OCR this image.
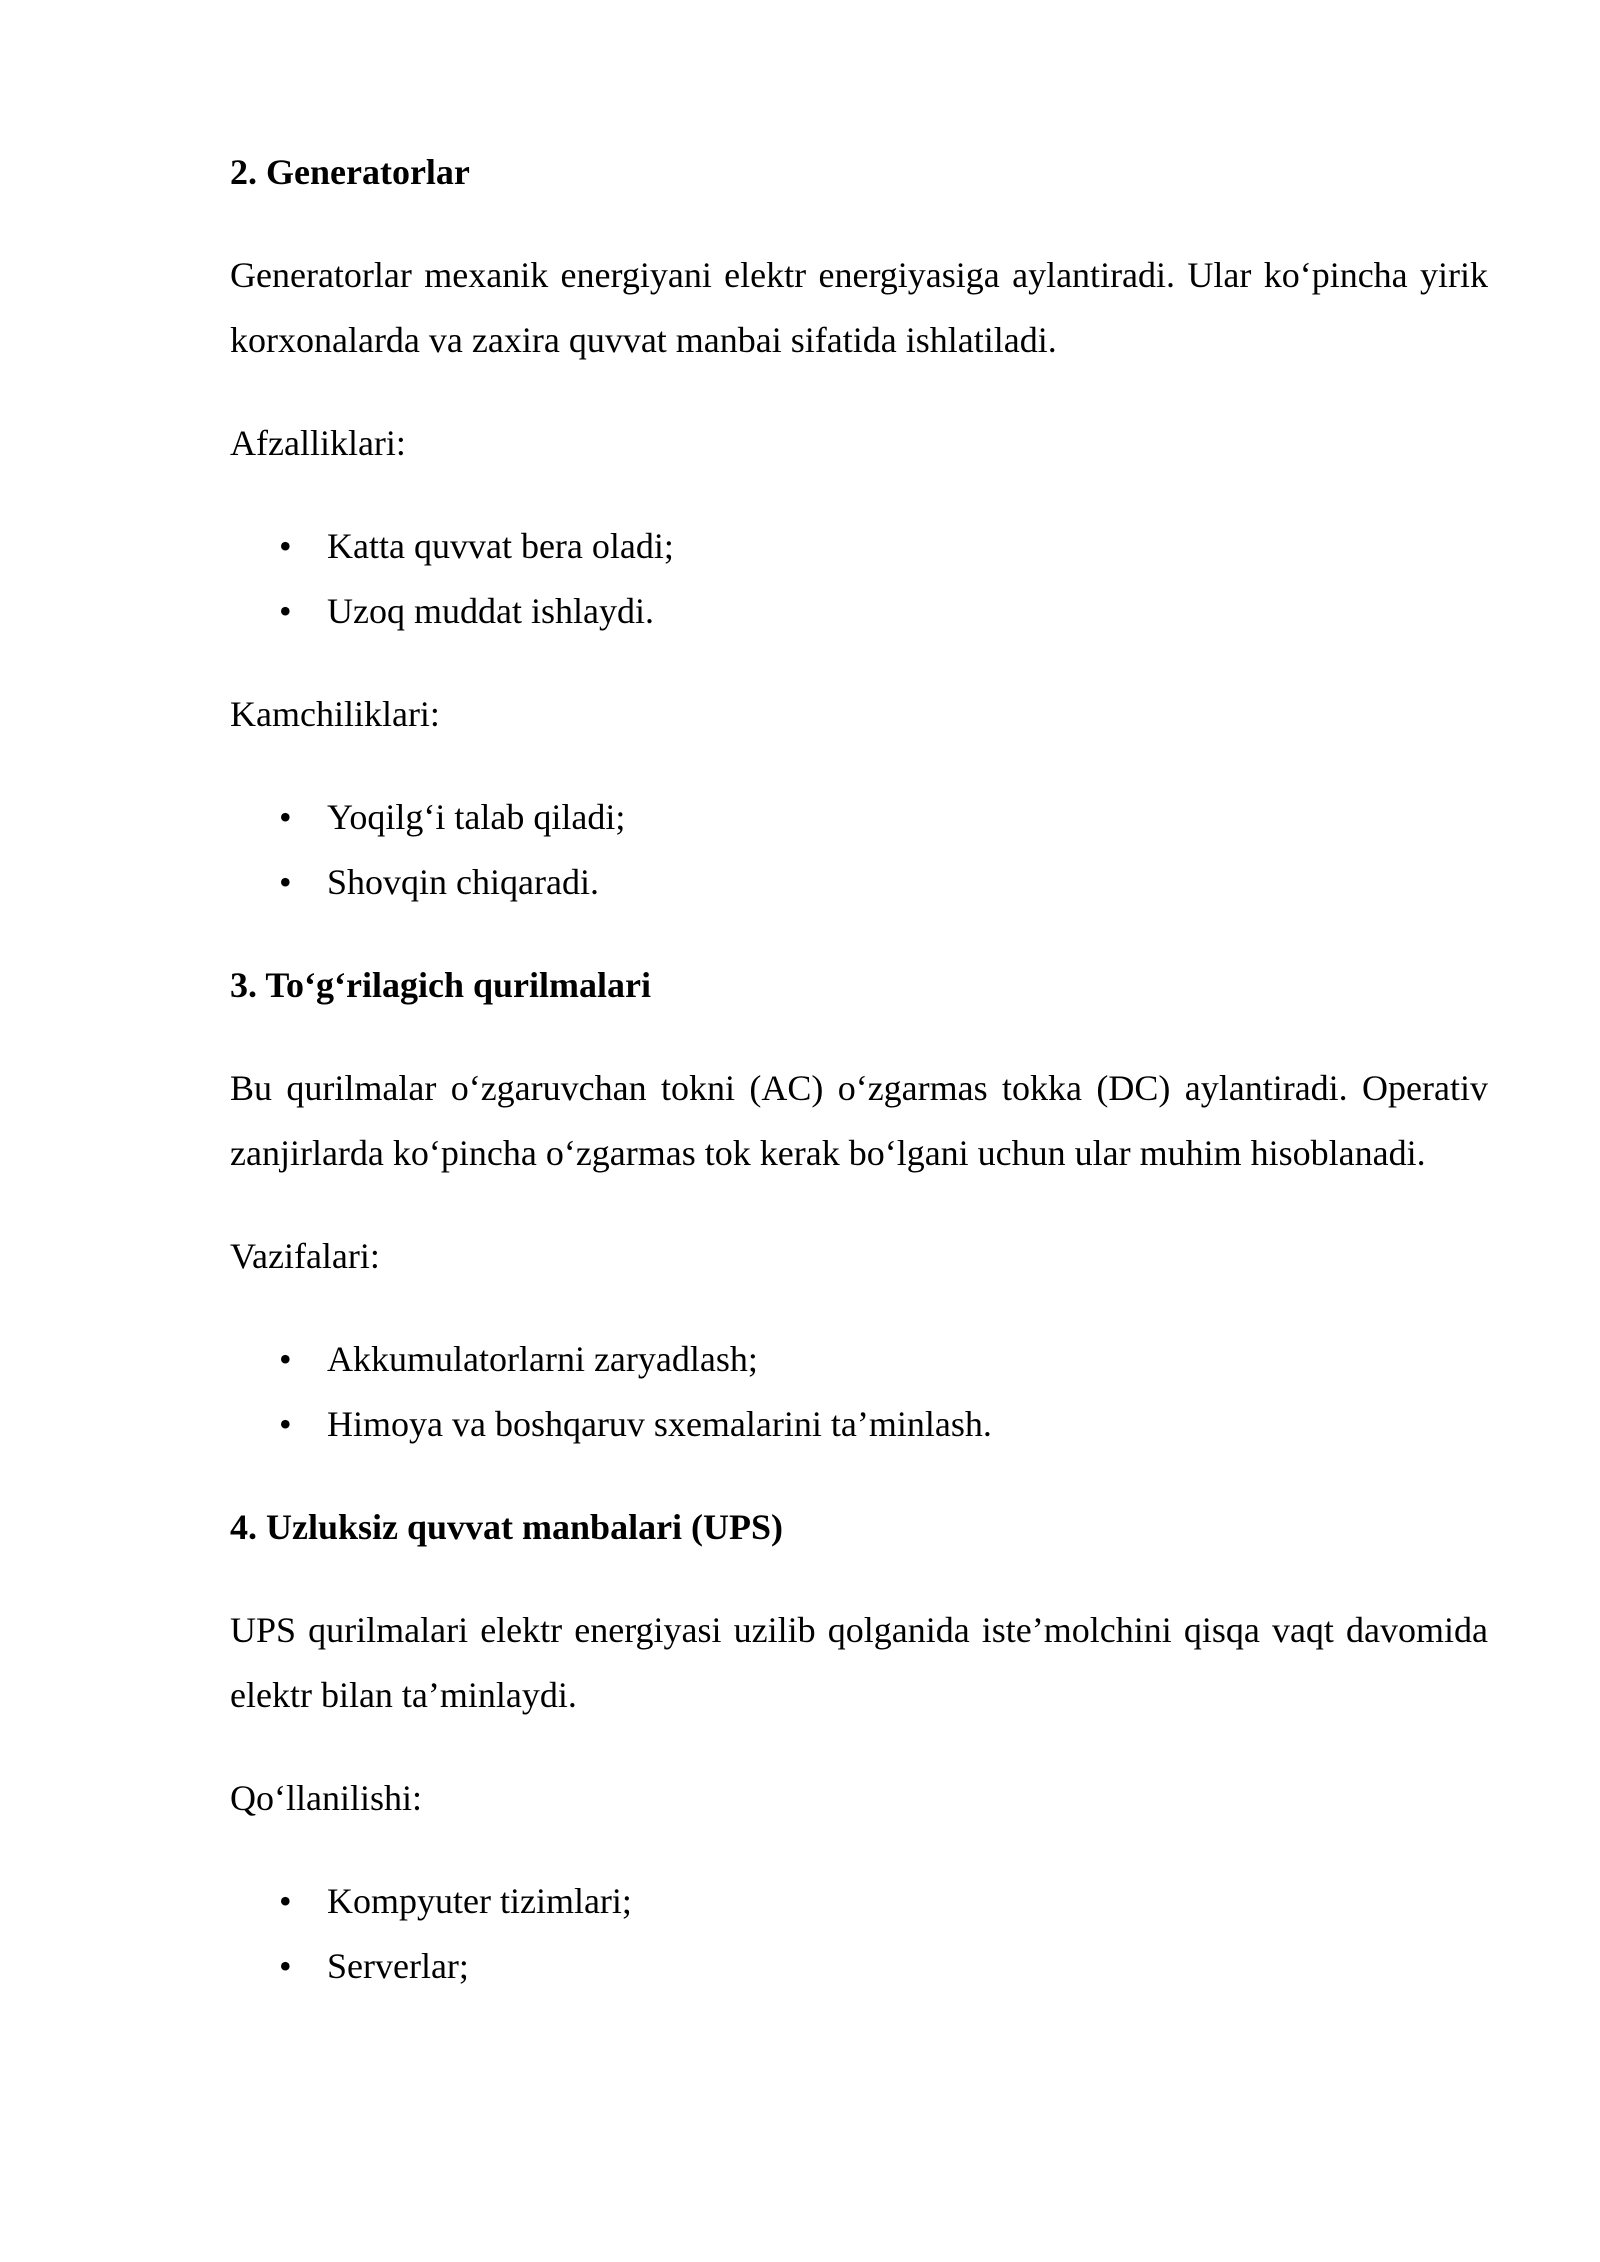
2. Generatorlar
Generatorlar mexanik energiyani elektr energiyasiga aylantiradi. Ular ko‘pincha yirik korxonalarda va zaxira quvvat manbai sifatida ishlatiladi.
Afzalliklari:
• Katta quvvat bera oladi;
• Uzoq muddat ishlaydi.
Kamchiliklari:
• Yoqilg‘i talab qiladi;
• Shovqin chiqaradi.
3. To‘g‘rilagich qurilmalari
Bu qurilmalar o‘zgaruvchan tokni (AC) o‘zgarmas tokka (DC) aylantiradi. Operativ zanjirlarda ko‘pincha o‘zgarmas tok kerak bo‘lgani uchun ular muhim hisoblanadi.
Vazifalari:
• Akkumulatorlarni zaryadlash;
• Himoya va boshqaruv sxemalarini ta’minlash.
4. Uzluksiz quvvat manbalari (UPS)
UPS qurilmalari elektr energiyasi uzilib qolganida iste’molchini qisqa vaqt davomida elektr bilan ta’minlaydi.
Qo‘llanilishi:
• Kompyuter tizimlari;
• Serverlar;
